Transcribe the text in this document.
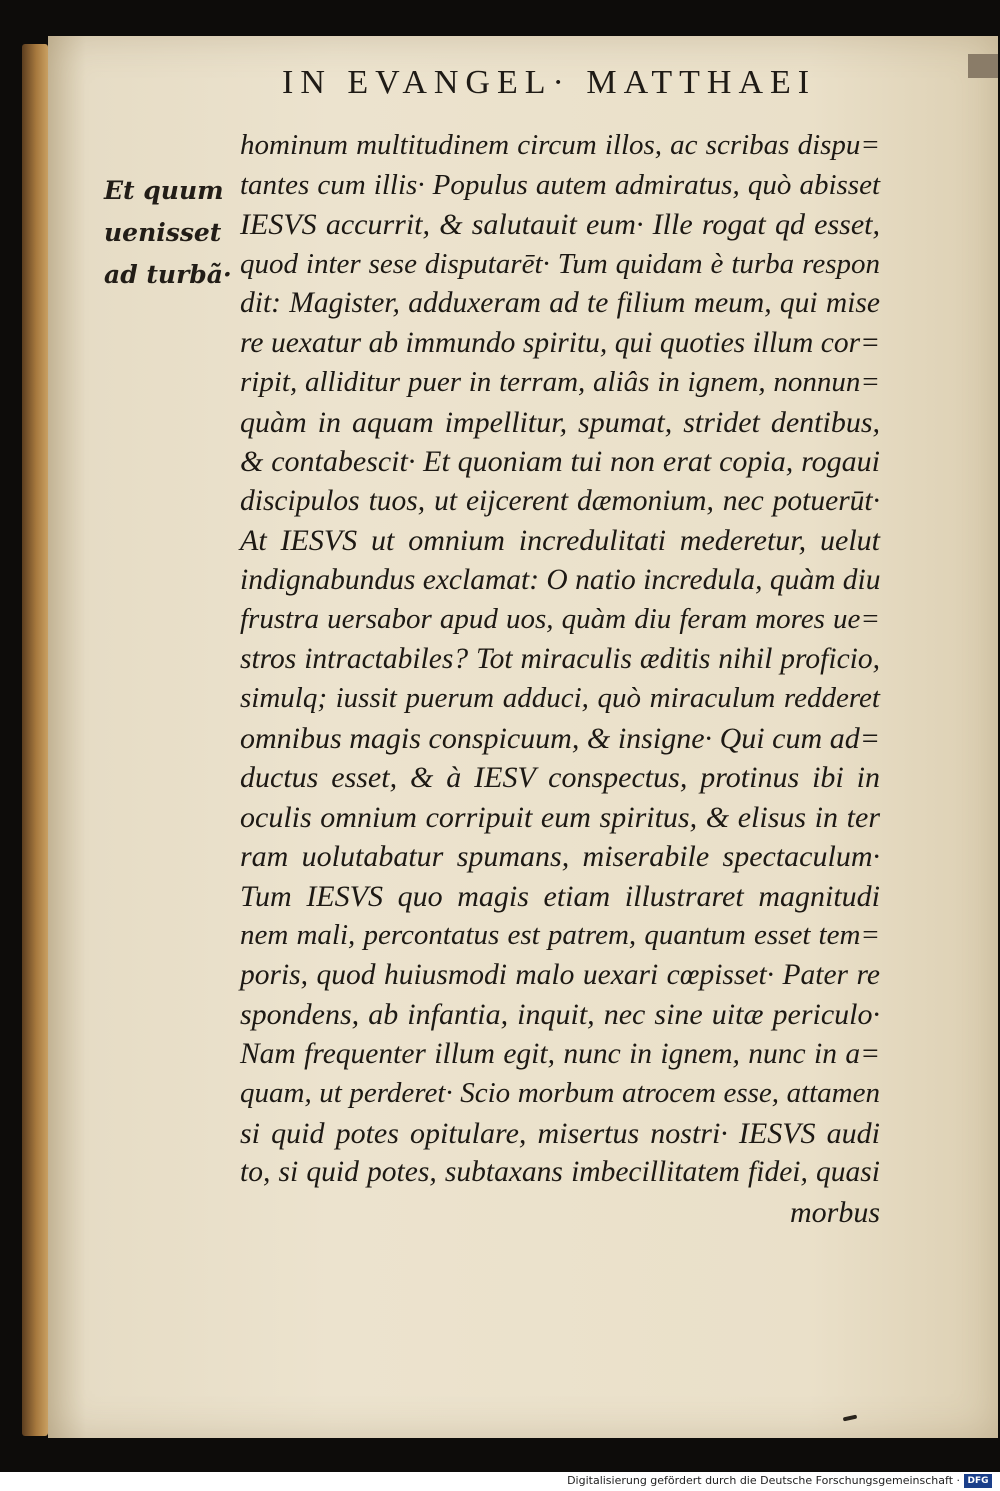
IN EVANGEL· MATTHAEI
Et quum
uenisset
ad turbã·
hominum multitudinem circum illos, ac scribas dispu=
tantes cum illis· Populus autem admiratus, quò abisset
IESVS accurrit, & salutauit eum· Ille rogat qd esset,
quod inter sese disputarēt· Tum quidam è turba respon
dit: Magister, adduxeram ad te filium meum, qui mise
re uexatur ab immundo spiritu, qui quoties illum cor=
ripit, alliditur puer in terram, aliâs in ignem, nonnun=
quàm in aquam impellitur, spumat, stridet dentibus,
& contabescit· Et quoniam tui non erat copia, rogaui
discipulos tuos, ut eijcerent dæmonium, nec potuerūt·
At IESVS ut omnium incredulitati mederetur, uelut
indignabundus exclamat: O natio incredula, quàm diu
frustra uersabor apud uos, quàm diu feram mores ue=
stros intractabiles? Tot miraculis æditis nihil proficio,
simulq; iussit puerum adduci, quò miraculum redderet
omnibus magis conspicuum, & insigne· Qui cum ad=
ductus esset, & à IESV conspectus, protinus ibi in
oculis omnium corripuit eum spiritus, & elisus in ter
ram uolutabatur spumans, miserabile spectaculum·
Tum IESVS quo magis etiam illustraret magnitudi
nem mali, percontatus est patrem, quantum esset tem=
poris, quod huiusmodi malo uexari cœpisset· Pater re
spondens, ab infantia, inquit, nec sine uitæ periculo·
Nam frequenter illum egit, nunc in ignem, nunc in a=
quam, ut perderet· Scio morbum atrocem esse, attamen
si quid potes opitulare, misertus nostri· IESVS audi
to, si quid potes, subtaxans imbecillitatem fidei, quasi
morbus
Digitalisierung gefördert durch die Deutsche Forschungsgemeinschaft · DFG
